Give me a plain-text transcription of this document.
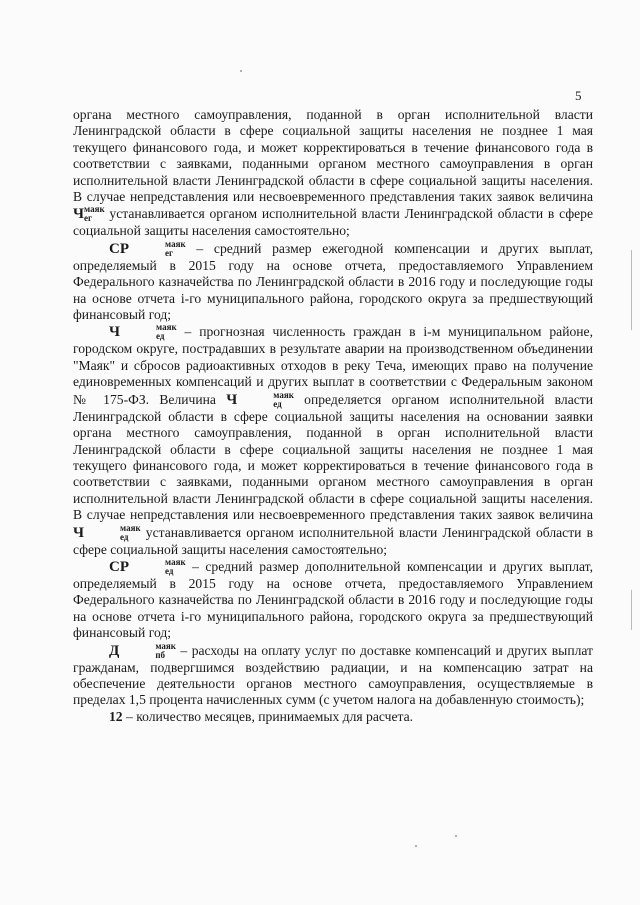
5

органа местного самоуправления, поданной в орган исполнительной власти Ленинградской области в сфере социальной защиты населения не позднее 1 мая текущего финансового года, и может корректироваться в течение финансового года в соответствии с заявками, поданными органом местного самоуправления в орган исполнительной власти Ленинградской области в сфере социальной защиты населения. В случае непредставления или несвоевременного представления таких заявок величина Ч маяк
ег устанавливается органом исполнительной власти Ленинградской области в сфере социальной защиты населения самостоятельно;

СР	маяк
ег – средний размер ежегодной компенсации и других выплат, определяемый в 2015 году на основе отчета, предоставляемого Управлением Федерального казначейства по Ленинградской области в 2016 году и последующие годы на основе отчета i-го муниципального района, городского округа за предшествующий финансовый год;

Ч	маяк
ед – прогнозная численность граждан в i-м муниципальном районе, городском округе, пострадавших в результате аварии на производственном объединении "Маяк" и сбросов радиоактивных отходов в реку Теча, имеющих право на получение единовременных компенсаций и других выплат в соответствии с Федеральным законом № 175-ФЗ. Величина Ч	маяк
ед определяется органом исполнительной власти Ленинградской области в сфере социальной защиты населения на основании заявки органа местного самоуправления, поданной в орган исполнительной власти Ленинградской области в сфере социальной защиты населения не позднее 1 мая текущего финансового года, и может корректироваться в течение финансового года в соответствии с заявками, поданными органом местного самоуправления в орган исполнительной власти Ленинградской области в сфере социальной защиты населения. В случае непредставления или несвоевременного представления таких заявок величина Ч	маяк
ед устанавливается органом исполнительной власти Ленинградской области в сфере социальной защиты населения самостоятельно;

СР	маяк
ед – средний размер дополнительной компенсации и других выплат, определяемый в 2015 году на основе отчета, предоставляемого Управлением Федерального казначейства по Ленинградской области в 2016 году и последующие годы на основе отчета i-го муниципального района, городского округа за предшествующий финансовый год;

Д	маяк
пб – расходы на оплату услуг по доставке компенсаций и других выплат гражданам, подвергшимся воздействию радиации, и на компенсацию затрат на обеспечение деятельности органов местного самоуправления, осуществляемые в пределах 1,5 процента начисленных сумм (с учетом налога на добавленную стоимость);

12 – количество месяцев, принимаемых для расчета.
